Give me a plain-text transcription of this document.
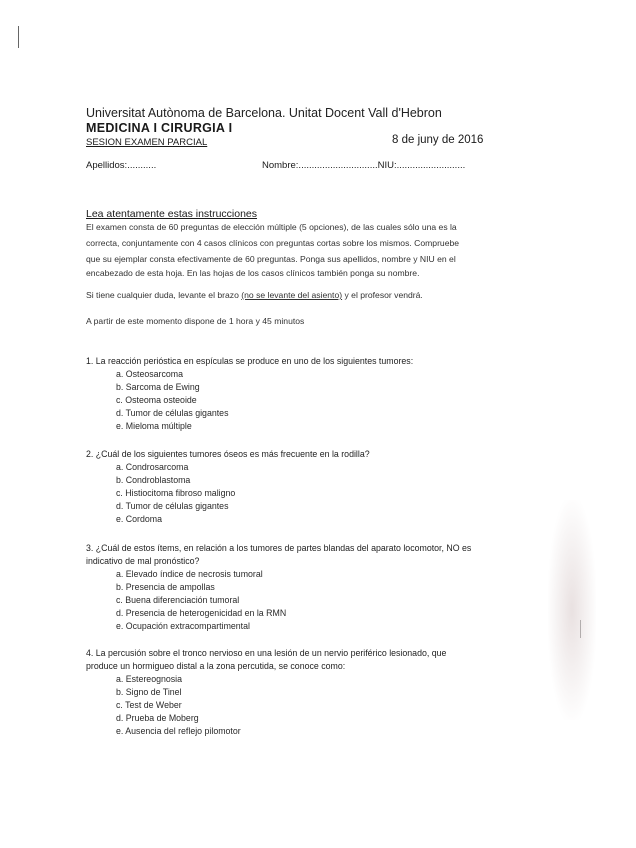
Universitat Autònoma de Barcelona. Unitat Docent Vall d'Hebron
MEDICINA I CIRURGIA I
SESION EXAMEN PARCIAL	8 de juny de 2016
Apellidos:...........	Nombre:..............................NIU:..........................
Lea atentamente estas instrucciones
El examen consta de 60 preguntas de elección múltiple (5 opciones), de las cuales sólo una es la
correcta, conjuntamente con 4 casos clínicos con preguntas cortas sobre los mismos. Compruebe
que su ejemplar consta efectivamente de 60 preguntas. Ponga sus apellidos, nombre y NIU en el
encabezado de esta hoja. En las hojas de los casos clínicos también ponga su nombre.
Si tiene cualquier duda, levante el brazo (no se levante del asiento) y el profesor vendrá.
A partir de este momento dispone de 1 hora y 45 minutos
1. La reacción perióstica en espículas se produce en uno de los siguientes tumores:
a. Osteosarcoma
b. Sarcoma de Ewing
c. Osteoma osteoide
d. Tumor de células gigantes
e. Mieloma múltiple
2. ¿Cuál de los siguientes tumores óseos es más frecuente en la rodilla?
a. Condrosarcoma
b. Condroblastoma
c. Histiocitoma fibroso maligno
d. Tumor de células gigantes
e. Cordoma
3. ¿Cuál de estos ítems, en relación a los tumores de partes blandas del aparato locomotor, NO es
indicativo de mal pronóstico?
a. Elevado índice de necrosis tumoral
b. Presencia de ampollas
c. Buena diferenciación tumoral
d. Presencia de heterogenicidad en la RMN
e. Ocupación extracompartimental
4. La percusión sobre el tronco nervioso en una lesión de un nervio periférico lesionado, que
produce un hormigueo distal a la zona percutida, se conoce como:
a. Estereognosia
b. Signo de Tinel
c. Test de Weber
d. Prueba de Moberg
e. Ausencia del reflejo pilomotor
